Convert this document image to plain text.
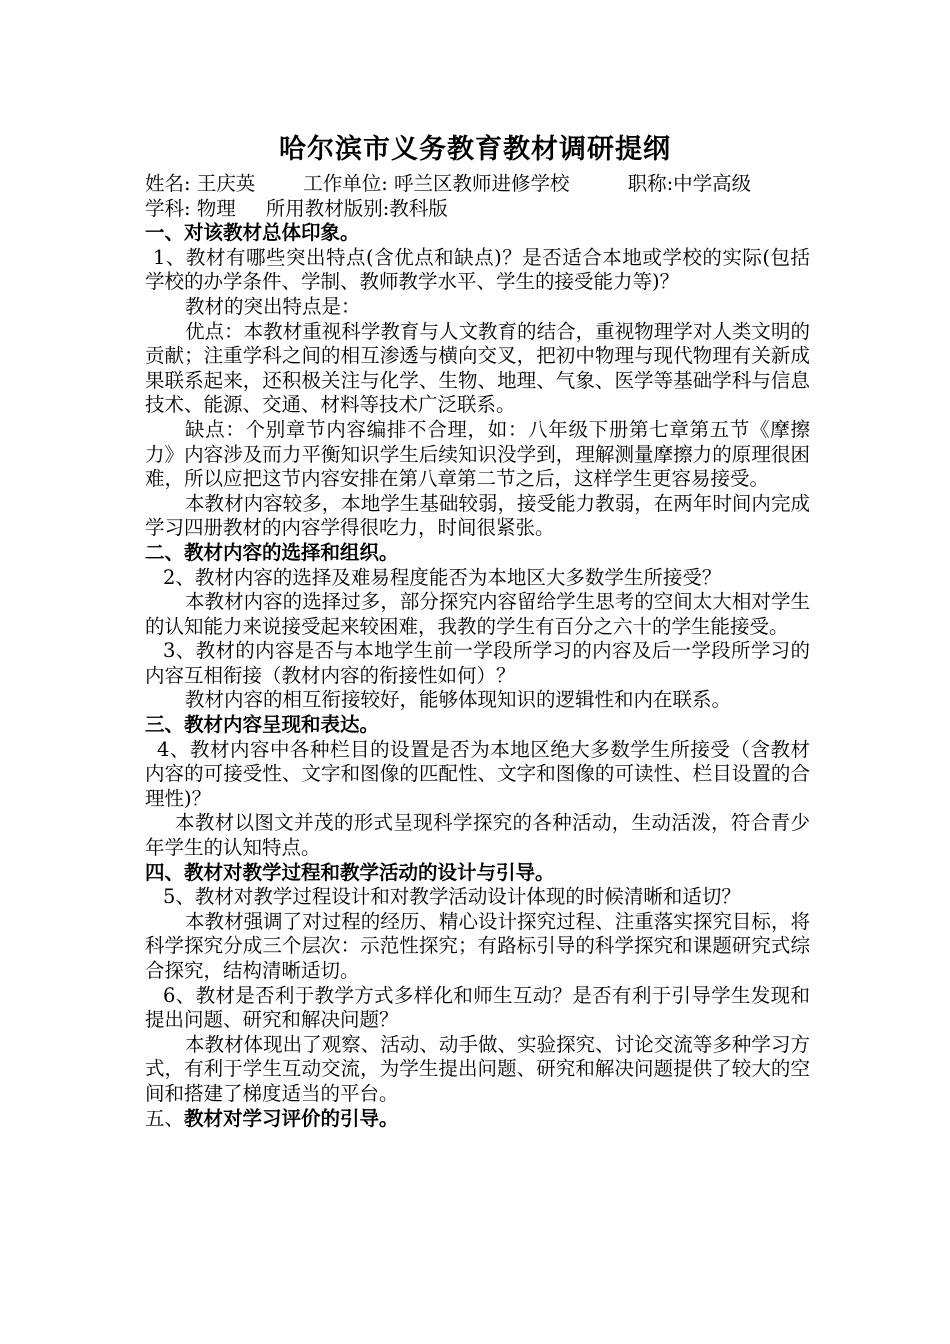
哈尔滨市义务教育教材调研提纲

姓名: 王庆英 工作单位: 呼兰区教师进修学校	职称:中学高级

学科: 物理 所用教材版别:教科版

一、对该教材总体印象。

1、教材有哪些突出特点(含优点和缺点)？是否适合本地或学校的实际(包括学校的办学条件、学制、教师教学水平、学生的接受能力等)？

教材的突出特点是：

优点：本教材重视科学教育与人文教育的结合，重视物理学对人类文明的贡献；注重学科之间的相互渗透与横向交叉，把初中物理与现代物理有关新成果联系起来，还积极关注与化学、生物、地理、气象、医学等基础学科与信息技术、能源、交通、材料等技术广泛联系。

缺点：个别章节内容编排不合理，如：八年级下册第七章第五节《摩擦力》内容涉及而力平衡知识学生后续知识没学到，理解测量摩擦力的原理很困难，所以应把这节内容安排在第八章第二节之后，这样学生更容易接受。

本教材内容较多，本地学生基础较弱，接受能力教弱，在两年时间内完成学习四册教材的内容学得很吃力，时间很紧张。

二、教材内容的选择和组织。

2、教材内容的选择及难易程度能否为本地区大多数学生所接受？

本教材内容的选择过多，部分探究内容留给学生思考的空间太大相对学生的认知能力来说接受起来较困难，我教的学生有百分之六十的学生能接受。

3、教材的内容是否与本地学生前一学段所学习的内容及后一学段所学习的内容互相衔接（教材内容的衔接性如何）？

教材内容的相互衔接较好，能够体现知识的逻辑性和内在联系。

三、教材内容呈现和表达。

4、教材内容中各种栏目的设置是否为本地区绝大多数学生所接受（含教材内容的可接受性、文字和图像的匹配性、文字和图像的可读性、栏目设置的合理性)？

本教材以图文并茂的形式呈现科学探究的各种活动，生动活泼，符合青少年学生的认知特点。

四、教材对教学过程和教学活动的设计与引导。

5、教材对教学过程设计和对教学活动设计体现的时候清晰和适切？

本教材强调了对过程的经历、精心设计探究过程、注重落实探究目标，将科学探究分成三个层次：示范性探究；有路标引导的科学探究和课题研究式综合探究，结构清晰适切。

6、教材是否利于教学方式多样化和师生互动？是否有利于引导学生发现和提出问题、研究和解决问题？

本教材体现出了观察、活动、动手做、实验探究、讨论交流等多种学习方式，有利于学生互动交流，为学生提出问题、研究和解决问题提供了较大的空间和搭建了梯度适当的平台。

五、教材对学习评价的引导。
